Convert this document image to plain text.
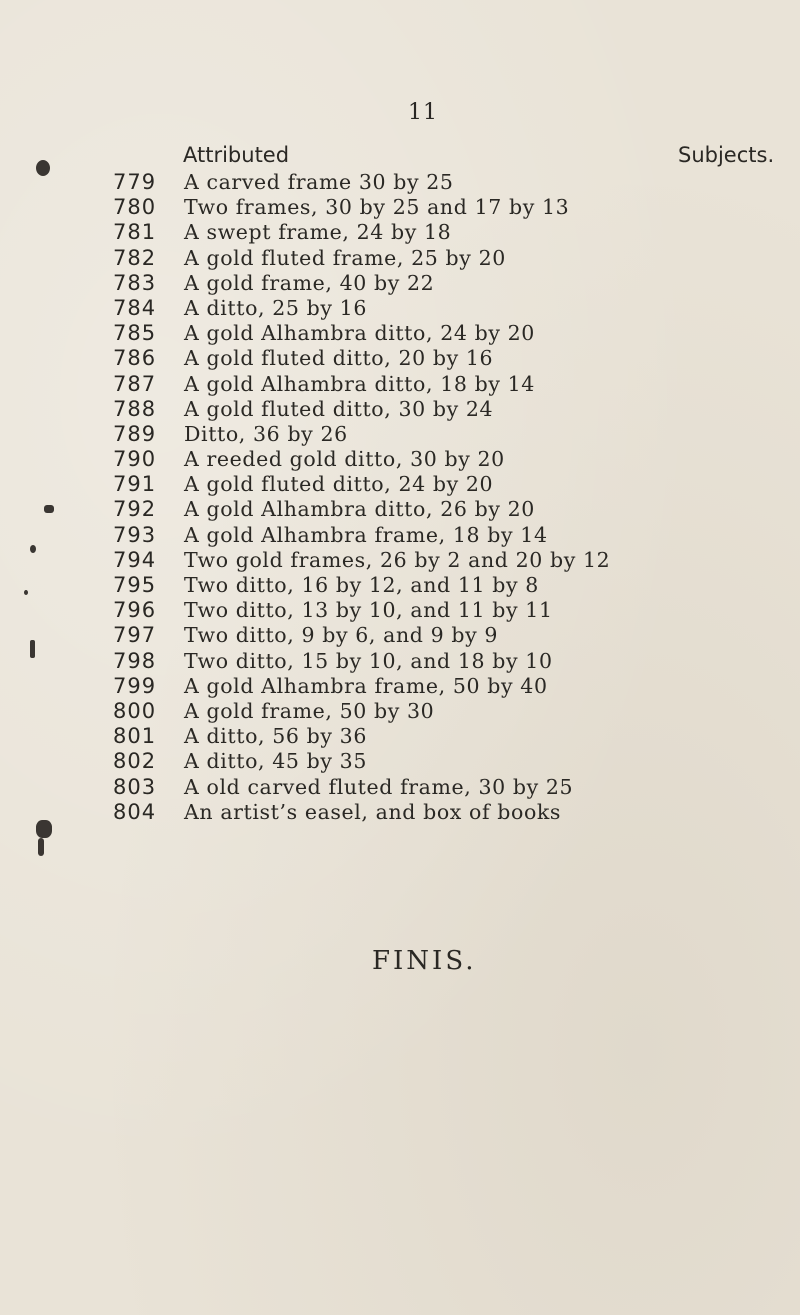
11
Attributed	Subjects.
779	A carved frame 30 by 25
780	Two frames, 30 by 25 and 17 by 13
781	A swept frame, 24 by 18
782	A gold fluted frame, 25 by 20
783	A gold frame, 40 by 22
784	A ditto, 25 by 16
785	A gold Alhambra ditto, 24 by 20
786	A gold fluted ditto, 20 by 16
787	A gold Alhambra ditto, 18 by 14
788	A gold fluted ditto, 30 by 24
789	Ditto, 36 by 26
790	A reeded gold ditto, 30 by 20
791	A gold fluted ditto, 24 by 20
792	A gold Alhambra ditto, 26 by 20
793	A gold Alhambra frame, 18 by 14
794	Two gold frames, 26 by 2 and 20 by 12
795	Two ditto, 16 by 12, and 11 by 8
796	Two ditto, 13 by 10, and 11 by 11
797	Two ditto, 9 by 6, and 9 by 9
798	Two ditto, 15 by 10, and 18 by 10
799	A gold Alhambra frame, 50 by 40
800	A gold frame, 50 by 30
801	A ditto, 56 by 36
802	A ditto, 45 by 35
803	A old carved fluted frame, 30 by 25
804	An artist’s easel, and box of books
FINIS.
